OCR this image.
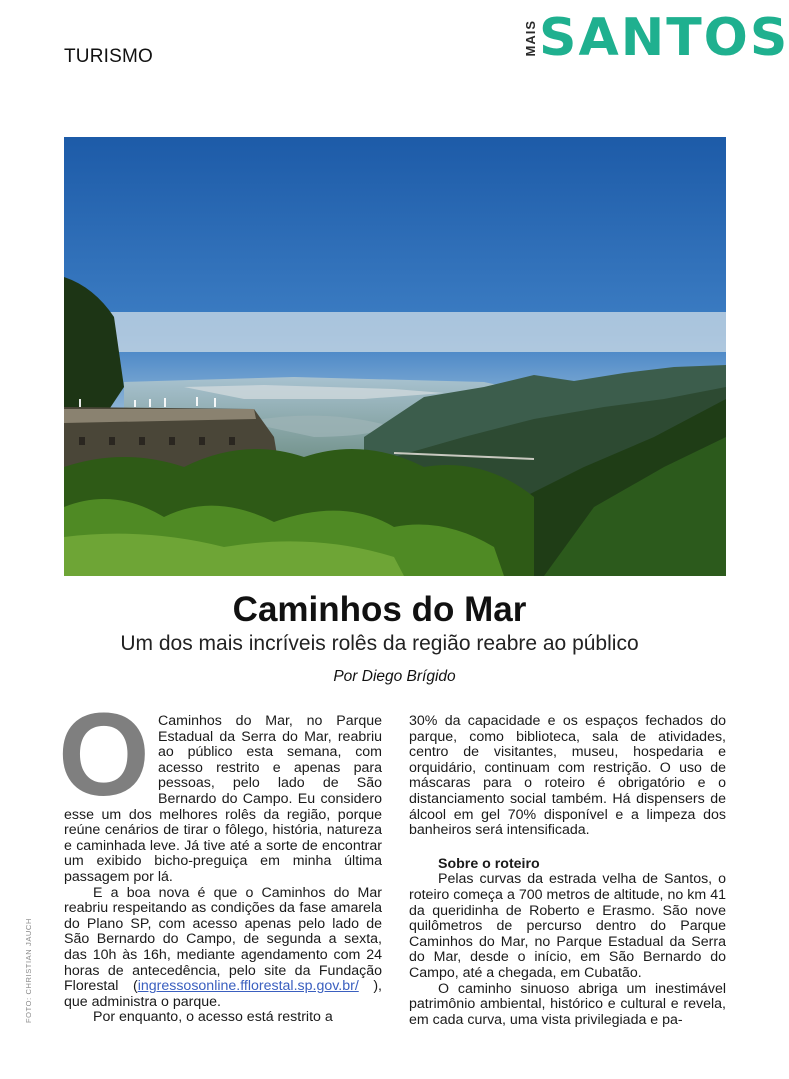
TURISMO
MAIS SANTOS
FOTO: CHRISTIAN JAUCH
Caminhos do Mar
Um dos mais incríveis rolês da região reabre ao público
Por Diego Brígido

O Caminhos do Mar, no Parque Estadual da Serra do Mar, reabriu ao público esta semana, com acesso restrito e apenas para pessoas, pelo lado de São Bernardo do Campo. Eu considero esse um dos melhores rolês da região, porque reúne cenários de tirar o fôlego, história, natureza e caminhada leve. Já tive até a sorte de encontrar um exibido bicho-preguiça em minha última passagem por lá.

E a boa nova é que o Caminhos do Mar reabriu respeitando as condições da fase amarela do Plano SP, com acesso apenas pelo lado de São Bernardo do Campo, de segunda a sexta, das 10h às 16h, mediante agendamento com 24 horas de antecedência, pelo site da Fundação Florestal (ingressosonline.fflorestal.sp.gov.br/ ), que administra o parque.

Por enquanto, o acesso está restrito a

30% da capacidade e os espaços fechados do parque, como biblioteca, sala de atividades, centro de visitantes, museu, hospedaria e orquidário, continuam com restrição. O uso de máscaras para o roteiro é obrigatório e o distanciamento social também. Há dispensers de álcool em gel 70% disponível e a limpeza dos banheiros será intensificada.

Sobre o roteiro

Pelas curvas da estrada velha de Santos, o roteiro começa a 700 metros de altitude, no km 41 da queridinha de Roberto e Erasmo. São nove quilômetros de percurso dentro do Parque Caminhos do Mar, no Parque Estadual da Serra do Mar, desde o início, em São Bernardo do Campo, até a chegada, em Cubatão.

O caminho sinuoso abriga um inestimável patrimônio ambiental, histórico e cultural e revela, em cada curva, uma vista privilegiada e pa-
